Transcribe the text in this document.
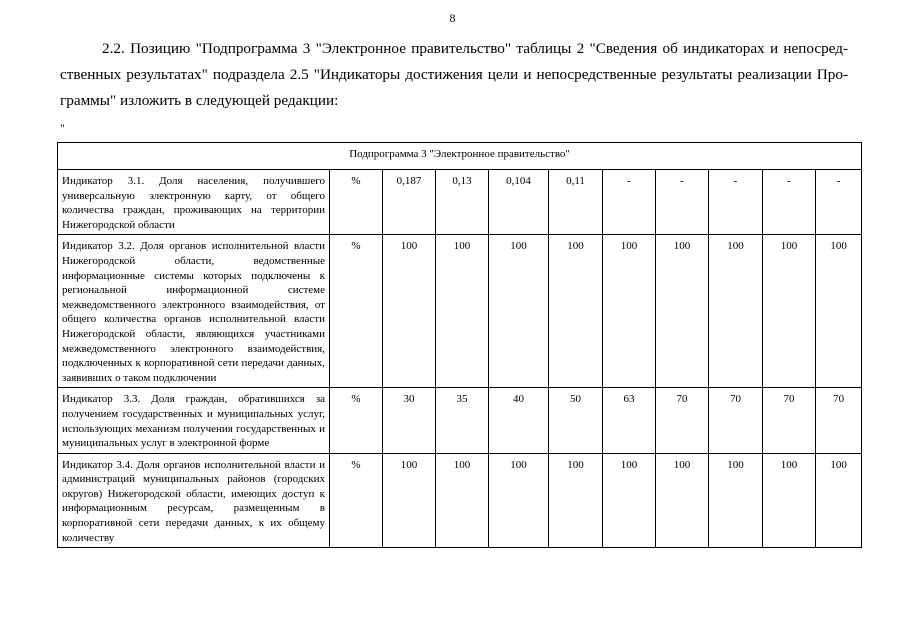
8

2.2. Позицию "Подпрограмма 3 "Электронное правительство" таблицы 2 "Сведения об индикаторах и непосредственных результатах" подраздела 2.5 "Индикаторы достижения цели и непосредственные результаты реализации Программы" изложить в следующей редакции:

"
Подпрограмма 3 "Электронное правительство"										
Индикатор 3.1. Доля населения, получившего универсальную электронную карту, от общего количества граждан, проживающих на территории Нижегородской области	%	0,187	0,13	0,104	0,11	-	-	-	-	-
Индикатор 3.2. Доля органов исполнительной власти Нижегородской области, ведомственные информационные системы которых подключены к региональной информационной системе межведомственного электронного взаимодействия, от общего количества органов исполнительной власти Нижегородской области, являющихся участниками межведомственного электронного взаимодействия, подключенных к корпоративной сети передачи данных, заявивших о таком подключении	%	100	100	100	100	100	100	100	100	100
Индикатор 3.3. Доля граждан, обратившихся за получением государственных и муниципальных услуг, использующих механизм получения государственных и муниципальных услуг в электронной форме	%	30	35	40	50	63	70	70	70	70
Индикатор 3.4. Доля органов исполнительной власти и администраций муниципальных районов (городских округов) Нижегородской области, имеющих доступ к информационным ресурсам, размещенным в корпоративной сети передачи данных, к их общему количеству	%	100	100	100	100	100	100	100	100	100
